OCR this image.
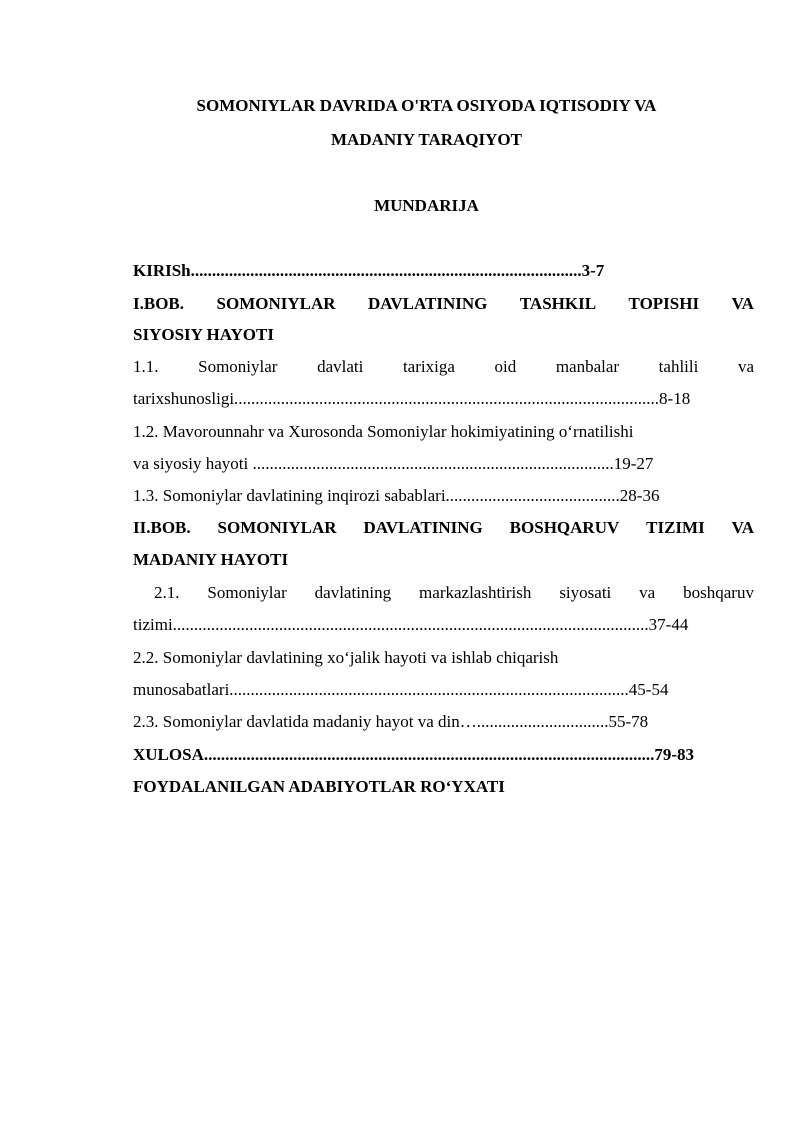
SOMONIYLAR DAVRIDA O'RTA OSIYODA IQTISODIY VA
MADANIY TARAQIYOT
MUNDARIJA
KIRISh............................................................................................3-7
I.BOB. SOMONIYLAR DAVLATINING TASHKIL TOPISHI VA
SIYOSIY HAYOTI
1.1. Somoniylar davlati tarixiga oid manbalar tahlili va
tarixshunosligi....................................................................................................8-18
1.2. Mavorounnahr va Xurosonda Somoniylar hokimiyatining o‘rnatilishi
va siyosiy hayoti .....................................................................................19-27
1.3. Somoniylar davlatining inqirozi sabablari.........................................28-36
II.BOB. SOMONIYLAR DAVLATINING BOSHQARUV TIZIMI VA
MADANIY HAYOTI
2.1. Somoniylar davlatining markazlashtirish siyosati va boshqaruv
tizimi................................................................................................................37-44
2.2. Somoniylar davlatining xo‘jalik hayoti va ishlab chiqarish
munosabatlari..............................................................................................45-54
2.3. Somoniylar davlatida madaniy hayot va din…...............................55-78
XULOSA..........................................................................................................79-83
FOYDALANILGAN ADABIYOTLAR RO‘YXATI
